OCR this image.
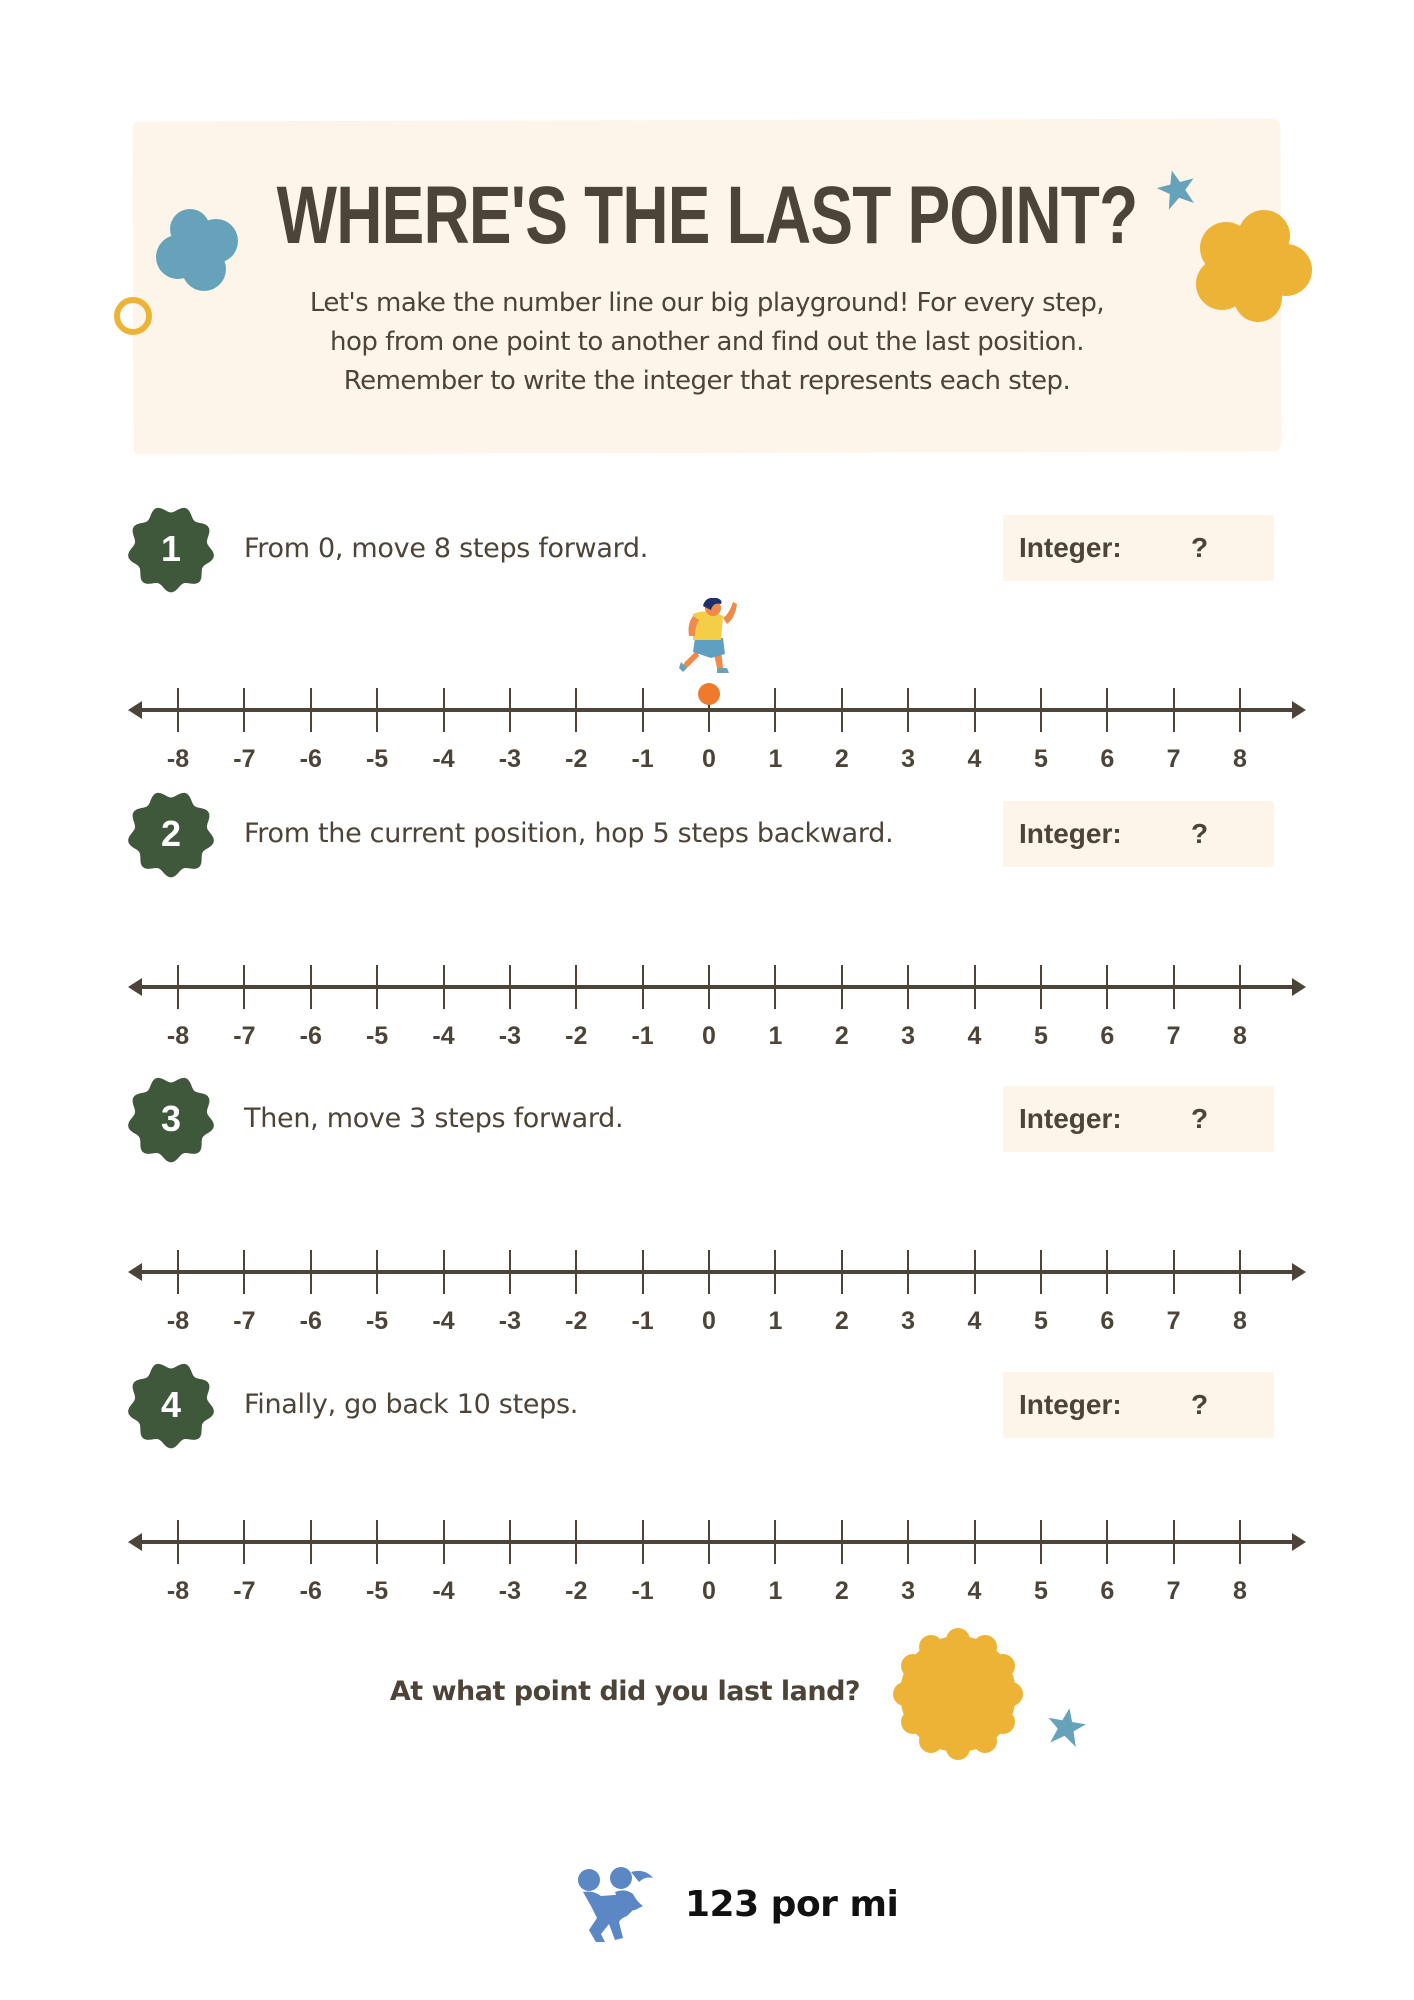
WHERE'S THE LAST POINT?
Let's make the number line our big playground! For every step,
hop from one point to another and find out the last position.
Remember to write the integer that represents each step.
1	From 0, move 8 steps forward.	Integer: ?
-8	-7	-6	-5	-4	-3	-2	-1	0	1	2	3	4	5	6	7	8
2	From the current position, hop 5 steps backward.	Integer: ?
-8	-7	-6	-5	-4	-3	-2	-1	0	1	2	3	4	5	6	7	8
3	Then, move 3 steps forward.	Integer: ?
-8	-7	-6	-5	-4	-3	-2	-1	0	1	2	3	4	5	6	7	8
4	Finally, go back 10 steps.	Integer: ?
-8	-7	-6	-5	-4	-3	-2	-1	0	1	2	3	4	5	6	7	8
At what point did you last land?
123 por mi
